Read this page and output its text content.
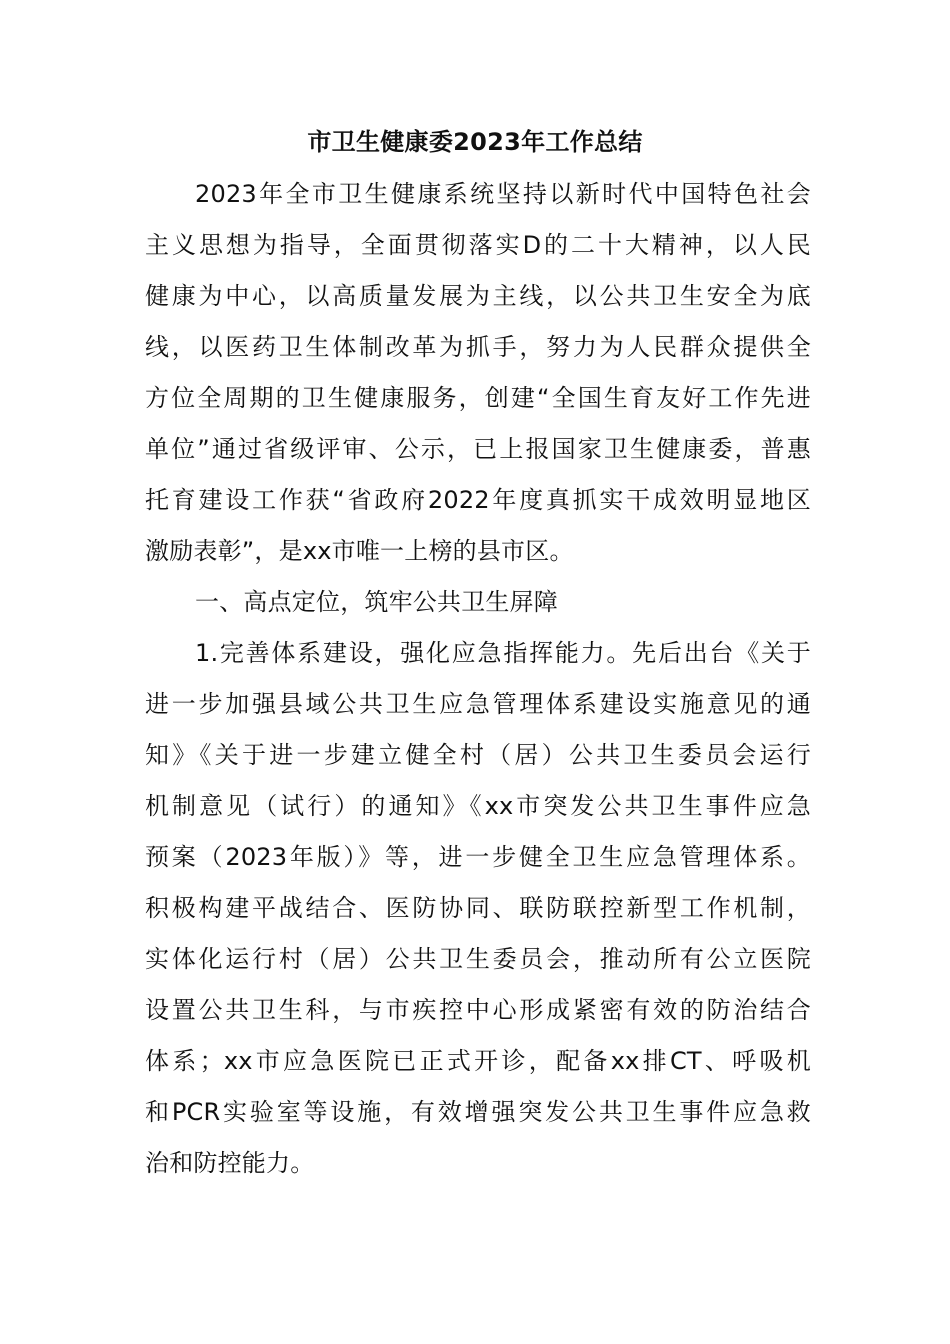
市卫生健康委2023年工作总结
2023年全市卫生健康系统坚持以新时代中国特色社会
主义思想为指导，全面贯彻落实D的二十大精神，以人民
健康为中心，以高质量发展为主线，以公共卫生安全为底
线，以医药卫生体制改革为抓手，努力为人民群众提供全
方位全周期的卫生健康服务，创建“全国生育友好工作先进
单位”通过省级评审、公示，已上报国家卫生健康委，普惠
托育建设工作获“省政府2022年度真抓实干成效明显地区
激励表彰”，是xx市唯一上榜的县市区。
一、高点定位，筑牢公共卫生屏障
1.完善体系建设，强化应急指挥能力。先后出台《关于
进一步加强县域公共卫生应急管理体系建设实施意见的通
知》《关于进一步建立健全村（居）公共卫生委员会运行
机制意见（试行）的通知》《xx市突发公共卫生事件应急
预案（2023年版）》等，进一步健全卫生应急管理体系。
积极构建平战结合、医防协同、联防联控新型工作机制，
实体化运行村（居）公共卫生委员会，推动所有公立医院
设置公共卫生科，与市疾控中心形成紧密有效的防治结合
体系；xx市应急医院已正式开诊，配备xx排CT、呼吸机
和PCR实验室等设施，有效增强突发公共卫生事件应急救
治和防控能力。
